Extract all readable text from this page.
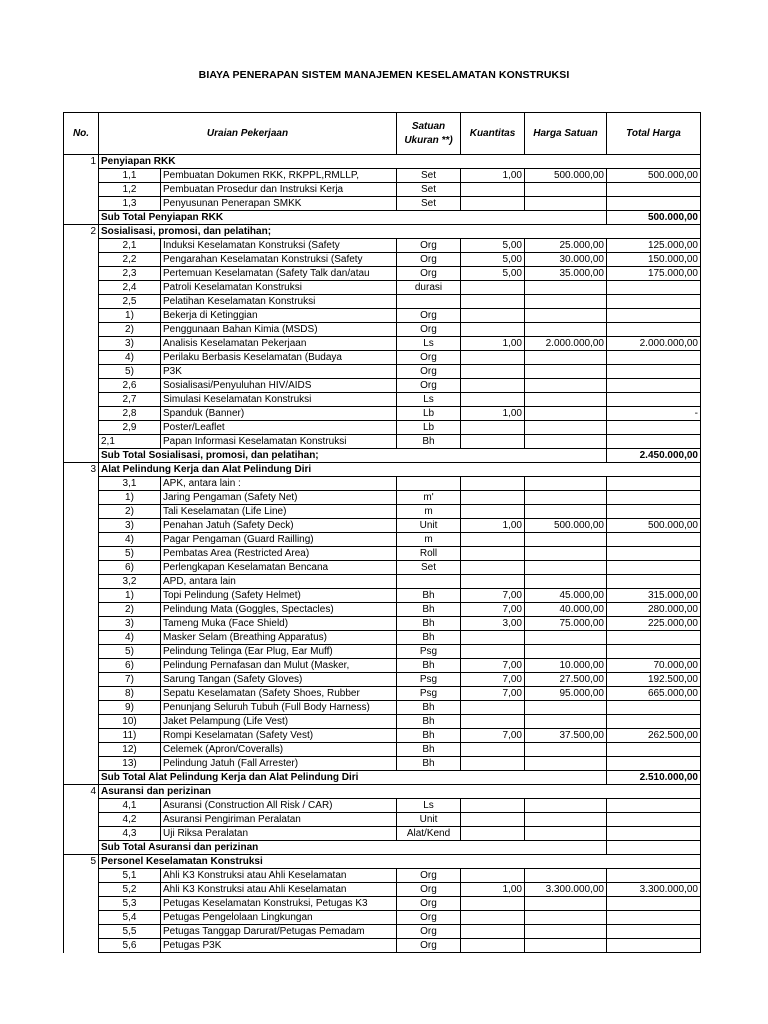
BIAYA PENERAPAN SISTEM MANAJEMEN KESELAMATAN KONSTRUKSI
No.	Uraian Pekerjaan		Satuan Ukuran **)	Kuantitas	Harga Satuan	Total Harga
1	Penyiapan RKK					
	1,1	Pembuatan Dokumen RKK, RKPPL,RMLLP,	Set	1,00	500.000,00	500.000,00
	1,2	Pembuatan Prosedur dan Instruksi Kerja	Set			
	1,3	Penyusunan Penerapan SMKK	Set			
	Sub Total Penyiapan RKK					500.000,00
2	Sosialisasi, promosi, dan pelatihan;					
	2,1	Induksi Keselamatan Konstruksi (Safety	Org	5,00	25.000,00	125.000,00
	2,2	Pengarahan Keselamatan Konstruksi (Safety	Org	5,00	30.000,00	150.000,00
	2,3	Pertemuan Keselamatan (Safety Talk dan/atau	Org	5,00	35.000,00	175.000,00
	2,4	Patroli Keselamatan Konstruksi	durasi			
	2,5	Pelatihan Keselamatan Konstruksi				
	1)	Bekerja di Ketinggian	Org			
	2)	Penggunaan Bahan Kimia (MSDS)	Org			
	3)	Analisis Keselamatan Pekerjaan	Ls	1,00	2.000.000,00	2.000.000,00
	4)	Perilaku Berbasis Keselamatan (Budaya	Org			
	5)	P3K	Org			
	2,6	Sosialisasi/Penyuluhan HIV/AIDS	Org			
	2,7	Simulasi Keselamatan Konstruksi	Ls			
	2,8	Spanduk (Banner)	Lb	1,00		-
	2,9	Poster/Leaflet	Lb			
	2,1	Papan Informasi Keselamatan Konstruksi	Bh			
	Sub Total Sosialisasi, promosi, dan pelatihan;					2.450.000,00
3	Alat Pelindung Kerja dan Alat Pelindung Diri					
	3,1	APK, antara lain :				
	1)	Jaring Pengaman (Safety Net)	m'			
	2)	Tali Keselamatan (Life Line)	m			
	3)	Penahan Jatuh (Safety Deck)	Unit	1,00	500.000,00	500.000,00
	4)	Pagar Pengaman (Guard Railling)	m			
	5)	Pembatas Area (Restricted Area)	Roll			
	6)	Perlengkapan Keselamatan Bencana	Set			
	3,2	APD, antara lain				
	1)	Topi Pelindung (Safety Helmet)	Bh	7,00	45.000,00	315.000,00
	2)	Pelindung Mata (Goggles, Spectacles)	Bh	7,00	40.000,00	280.000,00
	3)	Tameng Muka (Face Shield)	Bh	3,00	75.000,00	225.000,00
	4)	Masker Selam (Breathing Apparatus)	Bh			
	5)	Pelindung Telinga (Ear Plug, Ear Muff)	Psg			
	6)	Pelindung Pernafasan dan Mulut (Masker,	Bh	7,00	10.000,00	70.000,00
	7)	Sarung Tangan (Safety Gloves)	Psg	7,00	27.500,00	192.500,00
	8)	Sepatu Keselamatan (Safety Shoes, Rubber	Psg	7,00	95.000,00	665.000,00
	9)	Penunjang Seluruh Tubuh (Full Body Harness)	Bh			
	10)	Jaket Pelampung (Life Vest)	Bh			
	11)	Rompi Keselamatan (Safety Vest)	Bh	7,00	37.500,00	262.500,00
	12)	Celemek (Apron/Coveralls)	Bh			
	13)	Pelindung Jatuh (Fall Arrester)	Bh			
	Sub Total Alat Pelindung Kerja dan Alat Pelindung Diri					2.510.000,00
4	Asuransi dan perizinan					
	4,1	Asuransi (Construction All Risk / CAR)	Ls			
	4,2	Asuransi Pengiriman Peralatan	Unit			
	4,3	Uji Riksa Peralatan	Alat/Kend			
	Sub Total Asuransi dan perizinan					
5	Personel Keselamatan Konstruksi					
	5,1	Ahli K3 Konstruksi atau Ahli Keselamatan	Org			
	5,2	Ahli K3 Konstruksi atau Ahli Keselamatan	Org	1,00	3.300.000,00	3.300.000,00
	5,3	Petugas Keselamatan Konstruksi, Petugas K3	Org			
	5,4	Petugas Pengelolaan Lingkungan	Org			
	5,5	Petugas Tanggap Darurat/Petugas Pemadam	Org			
	5,6	Petugas P3K	Org			
